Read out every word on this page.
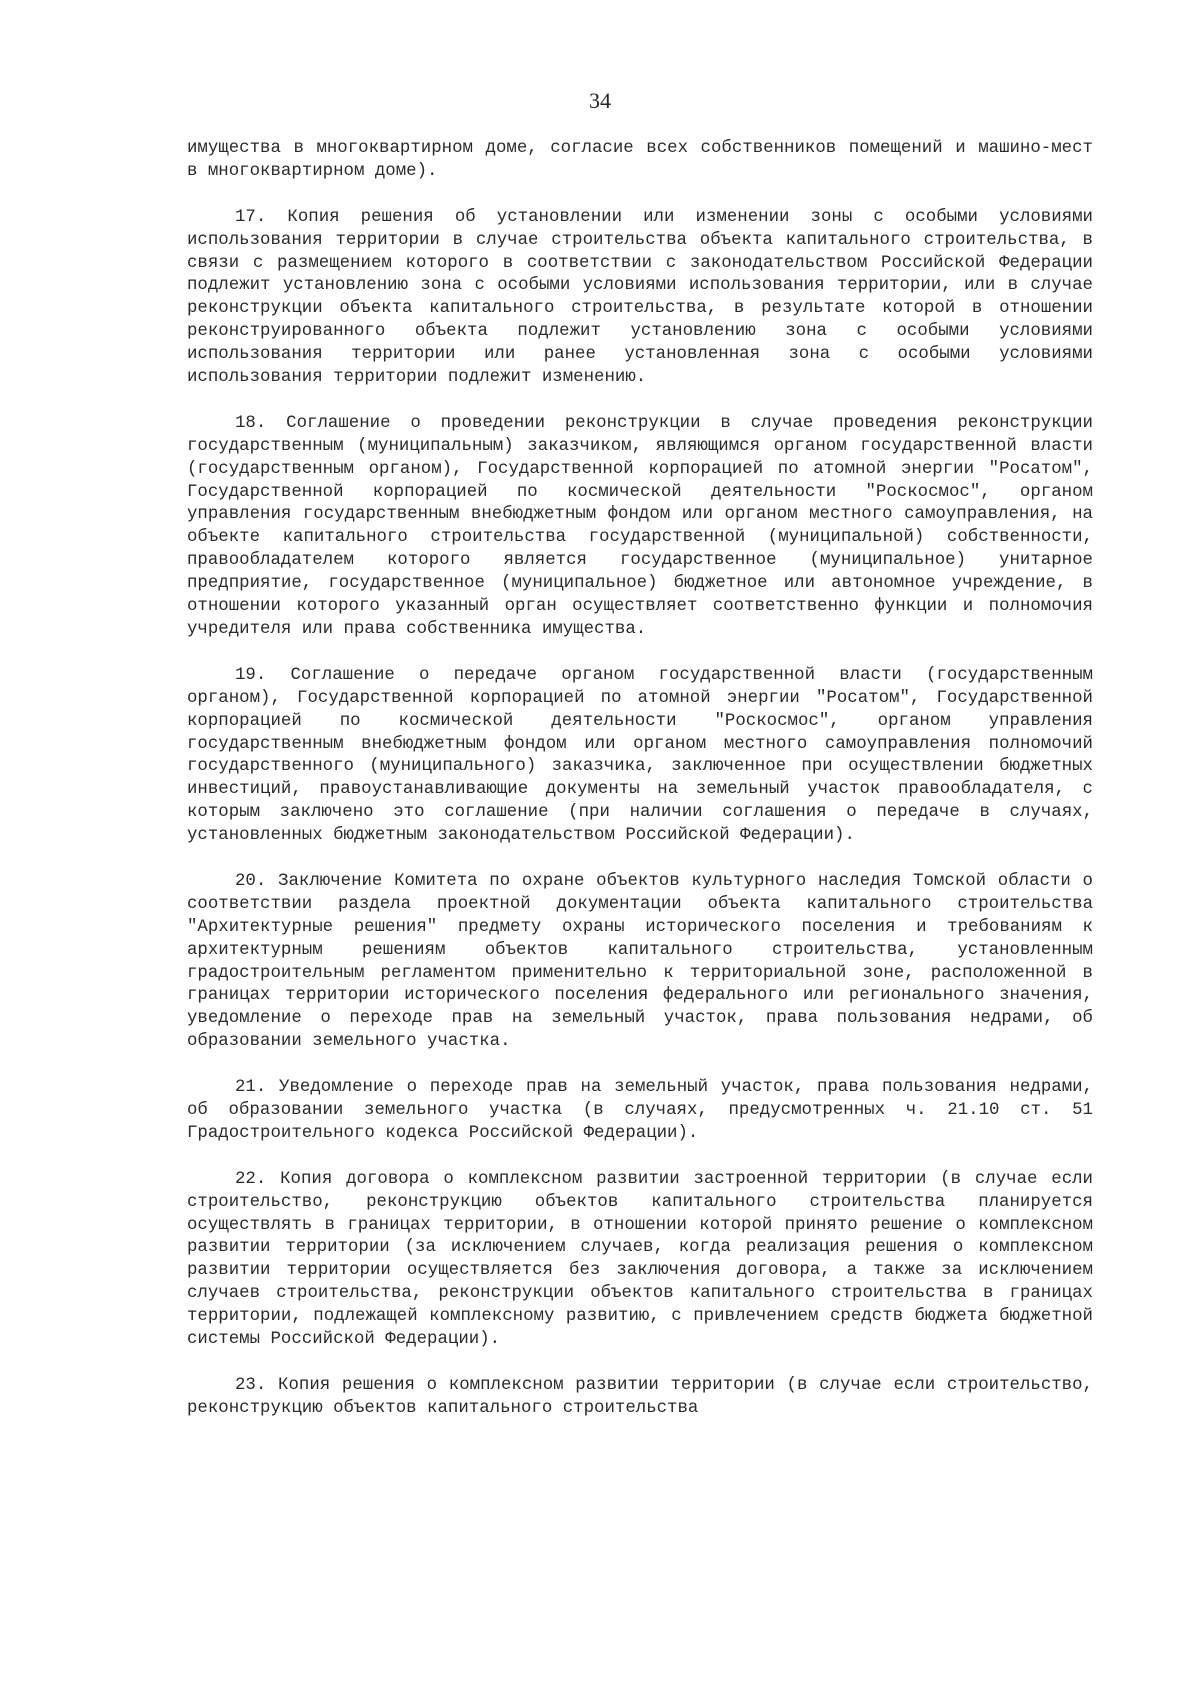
34

имущества в многоквартирном доме, согласие всех собственников помещений и машино-мест в многоквартирном доме).

17. Копия решения об установлении или изменении зоны с особыми условиями использования территории в случае строительства объекта капитального строительства, в связи с размещением которого в соответствии с законодательством Российской Федерации подлежит установлению зона с особыми условиями использования территории, или в случае реконструкции объекта капитального строительства, в результате которой в отношении реконструированного объекта подлежит установлению зона с особыми условиями использования территории или ранее установленная зона с особыми условиями использования территории подлежит изменению.

18. Соглашение о проведении реконструкции в случае проведения реконструкции государственным (муниципальным) заказчиком, являющимся органом государственной власти (государственным органом), Государственной корпорацией по атомной энергии "Росатом", Государственной корпорацией по космической деятельности "Роскосмос", органом управления государственным внебюджетным фондом или органом местного самоуправления, на объекте капитального строительства государственной (муниципальной) собственности, правообладателем которого является государственное (муниципальное) унитарное предприятие, государственное (муниципальное) бюджетное или автономное учреждение, в отношении которого указанный орган осуществляет соответственно функции и полномочия учредителя или права собственника имущества.

19. Соглашение о передаче органом государственной власти (государственным органом), Государственной корпорацией по атомной энергии "Росатом", Государственной корпорацией по космической деятельности "Роскосмос", органом управления государственным внебюджетным фондом или органом местного самоуправления полномочий государственного (муниципального) заказчика, заключенное при осуществлении бюджетных инвестиций, правоустанавливающие документы на земельный участок правообладателя, с которым заключено это соглашение (при наличии соглашения о передаче в случаях, установленных бюджетным законодательством Российской Федерации).

20. Заключение Комитета по охране объектов культурного наследия Томской области о соответствии раздела проектной документации объекта капитального строительства "Архитектурные решения" предмету охраны исторического поселения и требованиям к архитектурным решениям объектов капитального строительства, установленным градостроительным регламентом применительно к территориальной зоне, расположенной в границах территории исторического поселения федерального или регионального значения, уведомление о переходе прав на земельный участок, права пользования недрами, об образовании земельного участка.

21. Уведомление о переходе прав на земельный участок, права пользования недрами, об образовании земельного участка (в случаях, предусмотренных ч. 21.10 ст. 51 Градостроительного кодекса Российской Федерации).

22. Копия договора о комплексном развитии застроенной территории (в случае если строительство, реконструкцию объектов капитального строительства планируется осуществлять в границах территории, в отношении которой принято решение о комплексном развитии территории (за исключением случаев, когда реализация решения о комплексном развитии территории осуществляется без заключения договора, а также за исключением случаев строительства, реконструкции объектов капитального строительства в границах территории, подлежащей комплексному развитию, с привлечением средств бюджета бюджетной системы Российской Федерации).

23. Копия решения о комплексном развитии территории (в случае если строительство, реконструкцию объектов капитального строительства
